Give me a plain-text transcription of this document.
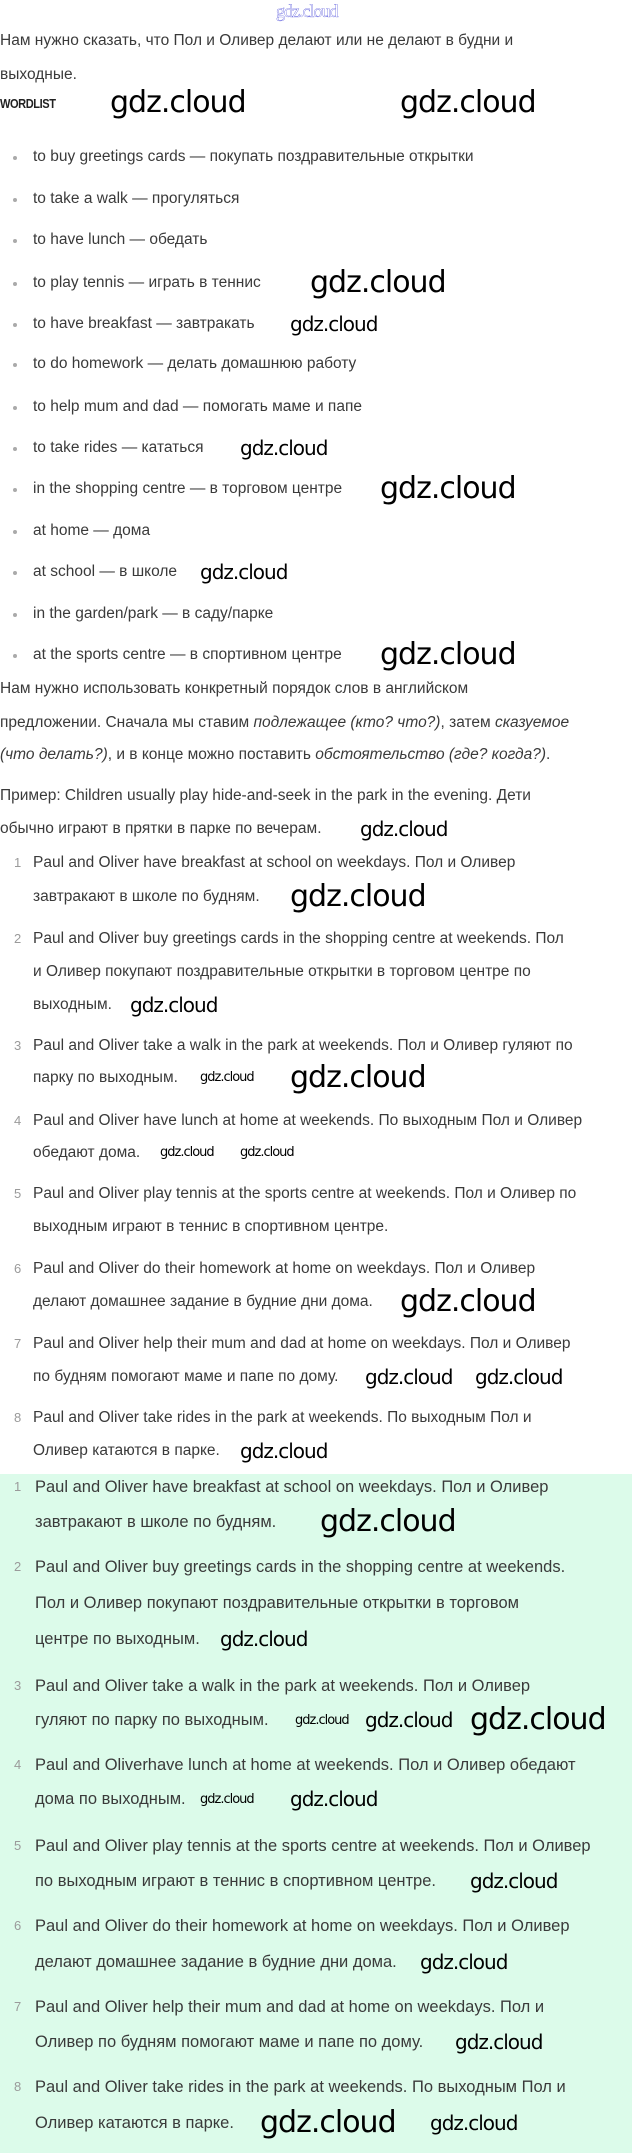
Нам нужно сказать, что Пол и Оливер делают или не делают в будни и
выходные.
WORDLIST
to buy greetings cards — покупать поздравительные открытки
to take a walk — прогуляться
to have lunch — обедать
to play tennis — играть в теннис
to have breakfast — завтракать
to do homework — делать домашнюю работу
to help mum and dad — помогать маме и папе
to take rides — кататься
in the shopping centre — в торговом центре
at home — дома
at school — в школе
in the garden/park — в саду/парке
at the sports centre — в спортивном центре
Нам нужно использовать конкретный порядок слов в английском
предложении. Сначала мы ставим подлежащее (кто? что?), затем сказуемое
(что делать?), и в конце можно поставить обстоятельство (где? когда?).
Пример: Children usually play hide-and-seek in the park in the evening. Дети
обычно играют в прятки в парке по вечерам.
1 Paul and Oliver have breakfast at school on weekdays. Пол и Оливер
завтракают в школе по будням.
2 Paul and Oliver buy greetings cards in the shopping centre at weekends. Пол
и Оливер покупают поздравительные открытки в торговом центре по
выходным.
3 Paul and Oliver take a walk in the park at weekends. Пол и Оливер гуляют по
парку по выходным.
4 Paul and Oliver have lunch at home at weekends. По выходным Пол и Оливер
обедают дома.
5 Paul and Oliver play tennis at the sports centre at weekends. Пол и Оливер по
выходным играют в теннис в спортивном центре.
6 Paul and Oliver do their homework at home on weekdays. Пол и Оливер
делают домашнее задание в будние дни дома.
7 Paul and Oliver help their mum and dad at home on weekdays. Пол и Оливер
по будням помогают маме и папе по дому.
8 Paul and Oliver take rides in the park at weekends. По выходным Пол и
Оливер катаются в парке.
1 Paul and Oliver have breakfast at school on weekdays. Пол и Оливер
завтракают в школе по будням.
2 Paul and Oliver buy greetings cards in the shopping centre at weekends.
Пол и Оливер покупают поздравительные открытки в торговом
центре по выходным.
3 Paul and Oliver take a walk in the park at weekends. Пол и Оливер
гуляют по парку по выходным.
4 Paul and Oliverhave lunch at home at weekends. Пол и Оливер обедают
дома по выходным.
5 Paul and Oliver play tennis at the sports centre at weekends. Пол и Оливер
по выходным играют в теннис в спортивном центре.
6 Paul and Oliver do their homework at home on weekdays. Пол и Оливер
делают домашнее задание в будние дни дома.
7 Paul and Oliver help their mum and dad at home on weekdays. Пол и
Оливер по будням помогают маме и папе по дому.
8 Paul and Oliver take rides in the park at weekends. По выходным Пол и
Оливер катаются в парке.
gdz.cloud
gdz.cloud	gdz.cloud
gdz.cloud
gdz.cloud
gdz.cloud
gdz.cloud
gdz.cloud
gdz.cloud
gdz.cloud
gdz.cloud
gdz.cloud
gdz.cloud gdz.cloud
gdz.cloud gdz.cloud
gdz.cloud
gdz.cloud gdz.cloud
gdz.cloud
gdz.cloud
gdz.cloud
gdz.cloud gdz.cloud gdz.cloud
gdz.cloud gdz.cloud
gdz.cloud
gdz.cloud
gdz.cloud
gdz.cloud gdz.cloud
